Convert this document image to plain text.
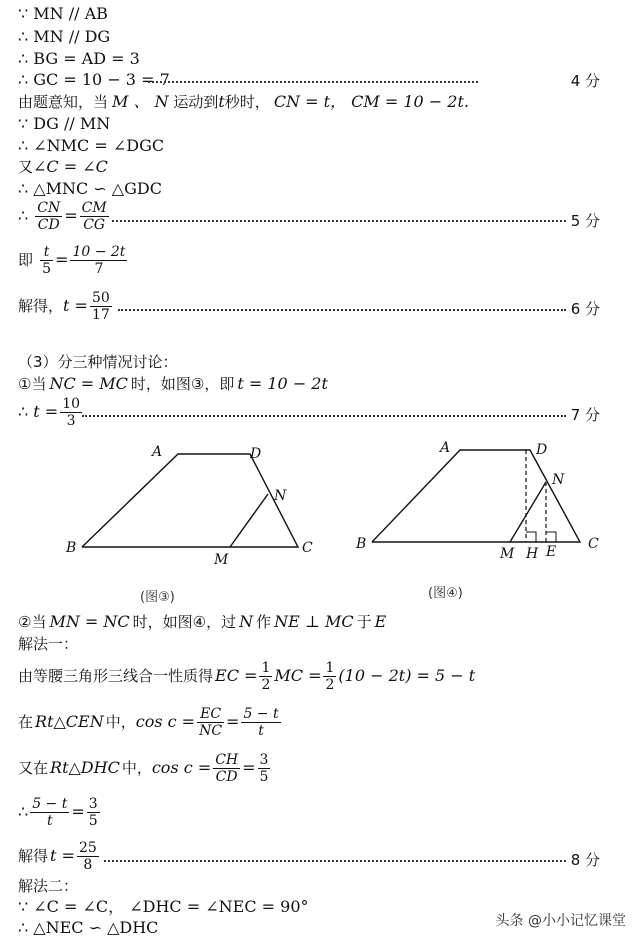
∵ MN // AB
∴ MN // DG
∴ BG = AD = 3
∴ GC = 10 − 3 = 7	4 分
由题意知，当 M 、 N 运动到t秒时， CN = t， CM = 10 − 2t.
∵ DG // MN
∴ ∠NMC = ∠DGC
又∠C = ∠C
∴ △MNC ∽ △GDC
∴ $\frac{CN}{CD} = \frac{CM}{CG}$	5 分
即 $\frac{t}{5} = \frac{10 - 2t}{7}$
解得，$t = \frac{50}{17}$	6 分
（3）分三种情况讨论：
①当 NC = MC 时，如图③，即 t = 10 − 2t
∴ $t = \frac{10}{3}$	7 分
A	D
N
B
M
C
(图③)
A	D
N
B
M H E C
(图④)
②当 MN = NC 时，如图④，过 N 作 NE ⊥ MC 于 E
解法一：
由等腰三角形三线合一性质得 EC = $\frac{1}{2}$ MC = $\frac{1}{2} (10 - 2t) = 5 - t$
在 Rt△CEN 中，$\cos c = \frac{EC}{NC} = \frac{5 - t}{t}$
又在 Rt△DHC 中，$\cos c = \frac{CH}{CD} = \frac{3}{5}$
∴ $\frac{5 - t}{t} = \frac{3}{5}$
解得 $t = \frac{25}{8}$	8 分
解法二：
∵ ∠C = ∠C， ∠DHC = ∠NEC = 90°
∴ △NEC ∽ △DHC	头条 @小小记忆课堂
